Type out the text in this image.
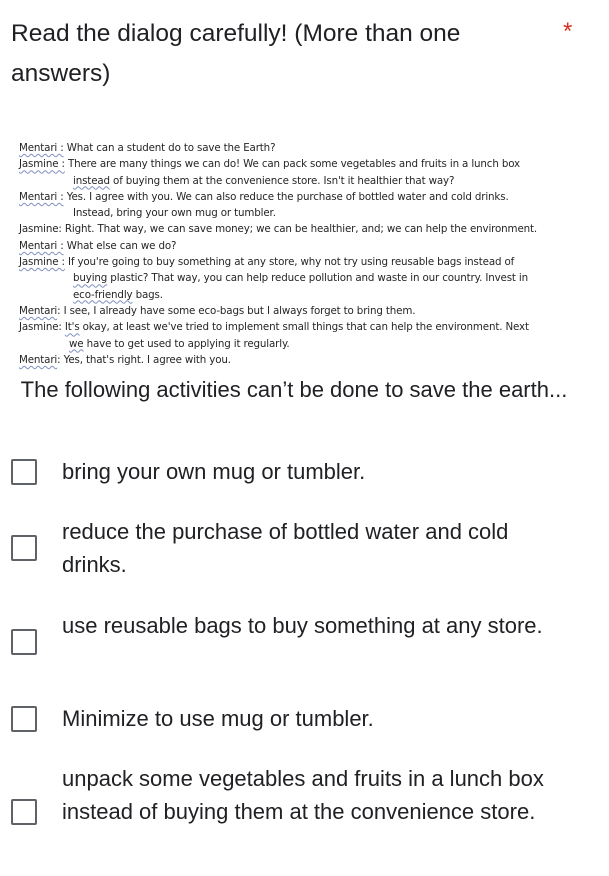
Read the dialog carefully! (More than one answers)
*
Mentari : What can a student do to save the Earth?
Jasmine : There are many things we can do! We can pack some vegetables and fruits in a lunch box
instead of buying them at the convenience store. Isn't it healthier that way?
Mentari : Yes. I agree with you. We can also reduce the purchase of bottled water and cold drinks.
Instead, bring your own mug or tumbler.
Jasmine: Right. That way, we can save money; we can be healthier, and; we can help the environment.
Mentari : What else can we do?
Jasmine : If you're going to buy something at any store, why not try using reusable bags instead of
buying plastic? That way, you can help reduce pollution and waste in our country. Invest in
eco-friendly bags.
Mentari: I see, I already have some eco-bags but I always forget to bring them.
Jasmine: It's okay, at least we've tried to implement small things that can help the environment. Next
we have to get used to applying it regularly.
Mentari: Yes, that's right. I agree with you.
The following activities can’t be done to save the earth...
bring your own mug or tumbler.
reduce the purchase of bottled water and cold drinks.
use reusable bags to buy something at any store.
Minimize to use mug or tumbler.
unpack some vegetables and fruits in a lunch box instead of buying them at the convenience store.
